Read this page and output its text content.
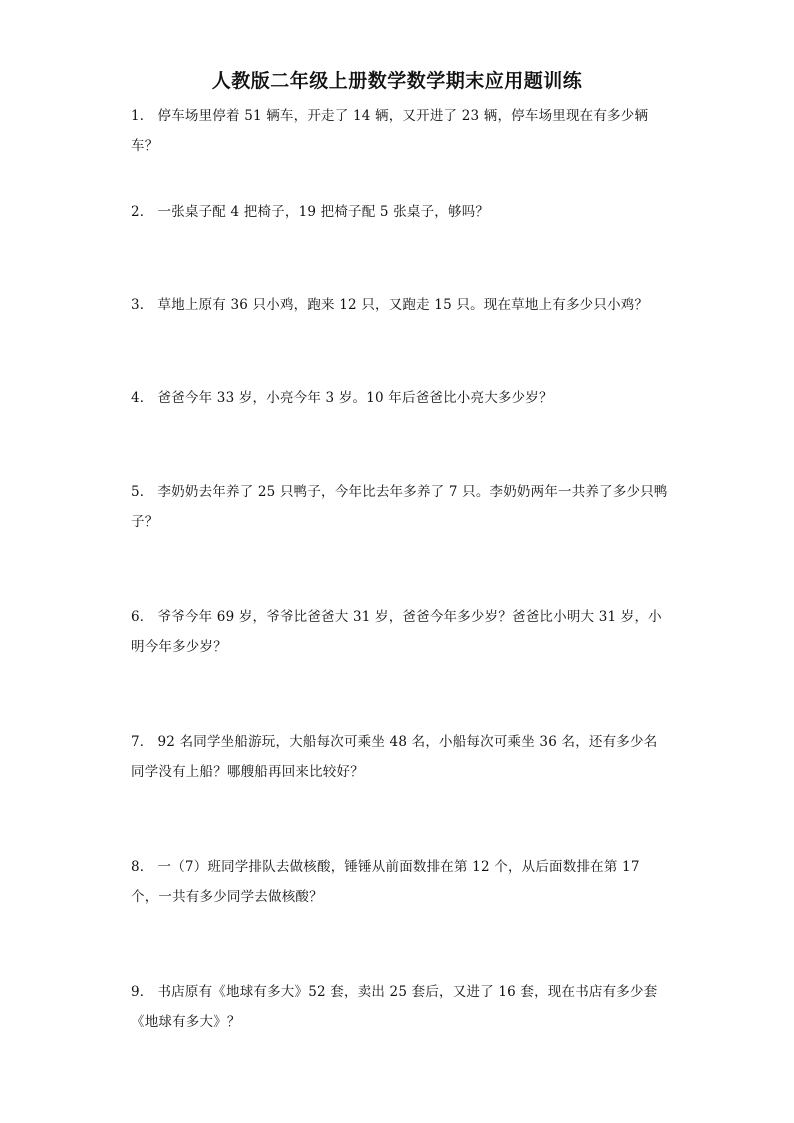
人教版二年级上册数学数学期末应用题训练
1． 停车场里停着 51 辆车，开走了 14 辆，又开进了 23 辆，停车场里现在有多少辆车？
2． 一张桌子配 4 把椅子，19 把椅子配 5 张桌子，够吗？
3． 草地上原有 36 只小鸡，跑来 12 只，又跑走 15 只。现在草地上有多少只小鸡？
4． 爸爸今年 33 岁，小亮今年 3 岁。10 年后爸爸比小亮大多少岁？
5． 李奶奶去年养了 25 只鸭子，今年比去年多养了 7 只。李奶奶两年一共养了多少只鸭子？
6． 爷爷今年 69 岁，爷爷比爸爸大 31 岁，爸爸今年多少岁？爸爸比小明大 31 岁，小明今年多少岁？
7． 92 名同学坐船游玩，大船每次可乘坐 48 名，小船每次可乘坐 36 名，还有多少名同学没有上船？哪艘船再回来比较好？
8． 一（7）班同学排队去做核酸，锤锤从前面数排在第 12 个，从后面数排在第 17 个，一共有多少同学去做核酸？
9． 书店原有《地球有多大》52 套，卖出 25 套后，又进了 16 套，现在书店有多少套《地球有多大》？
